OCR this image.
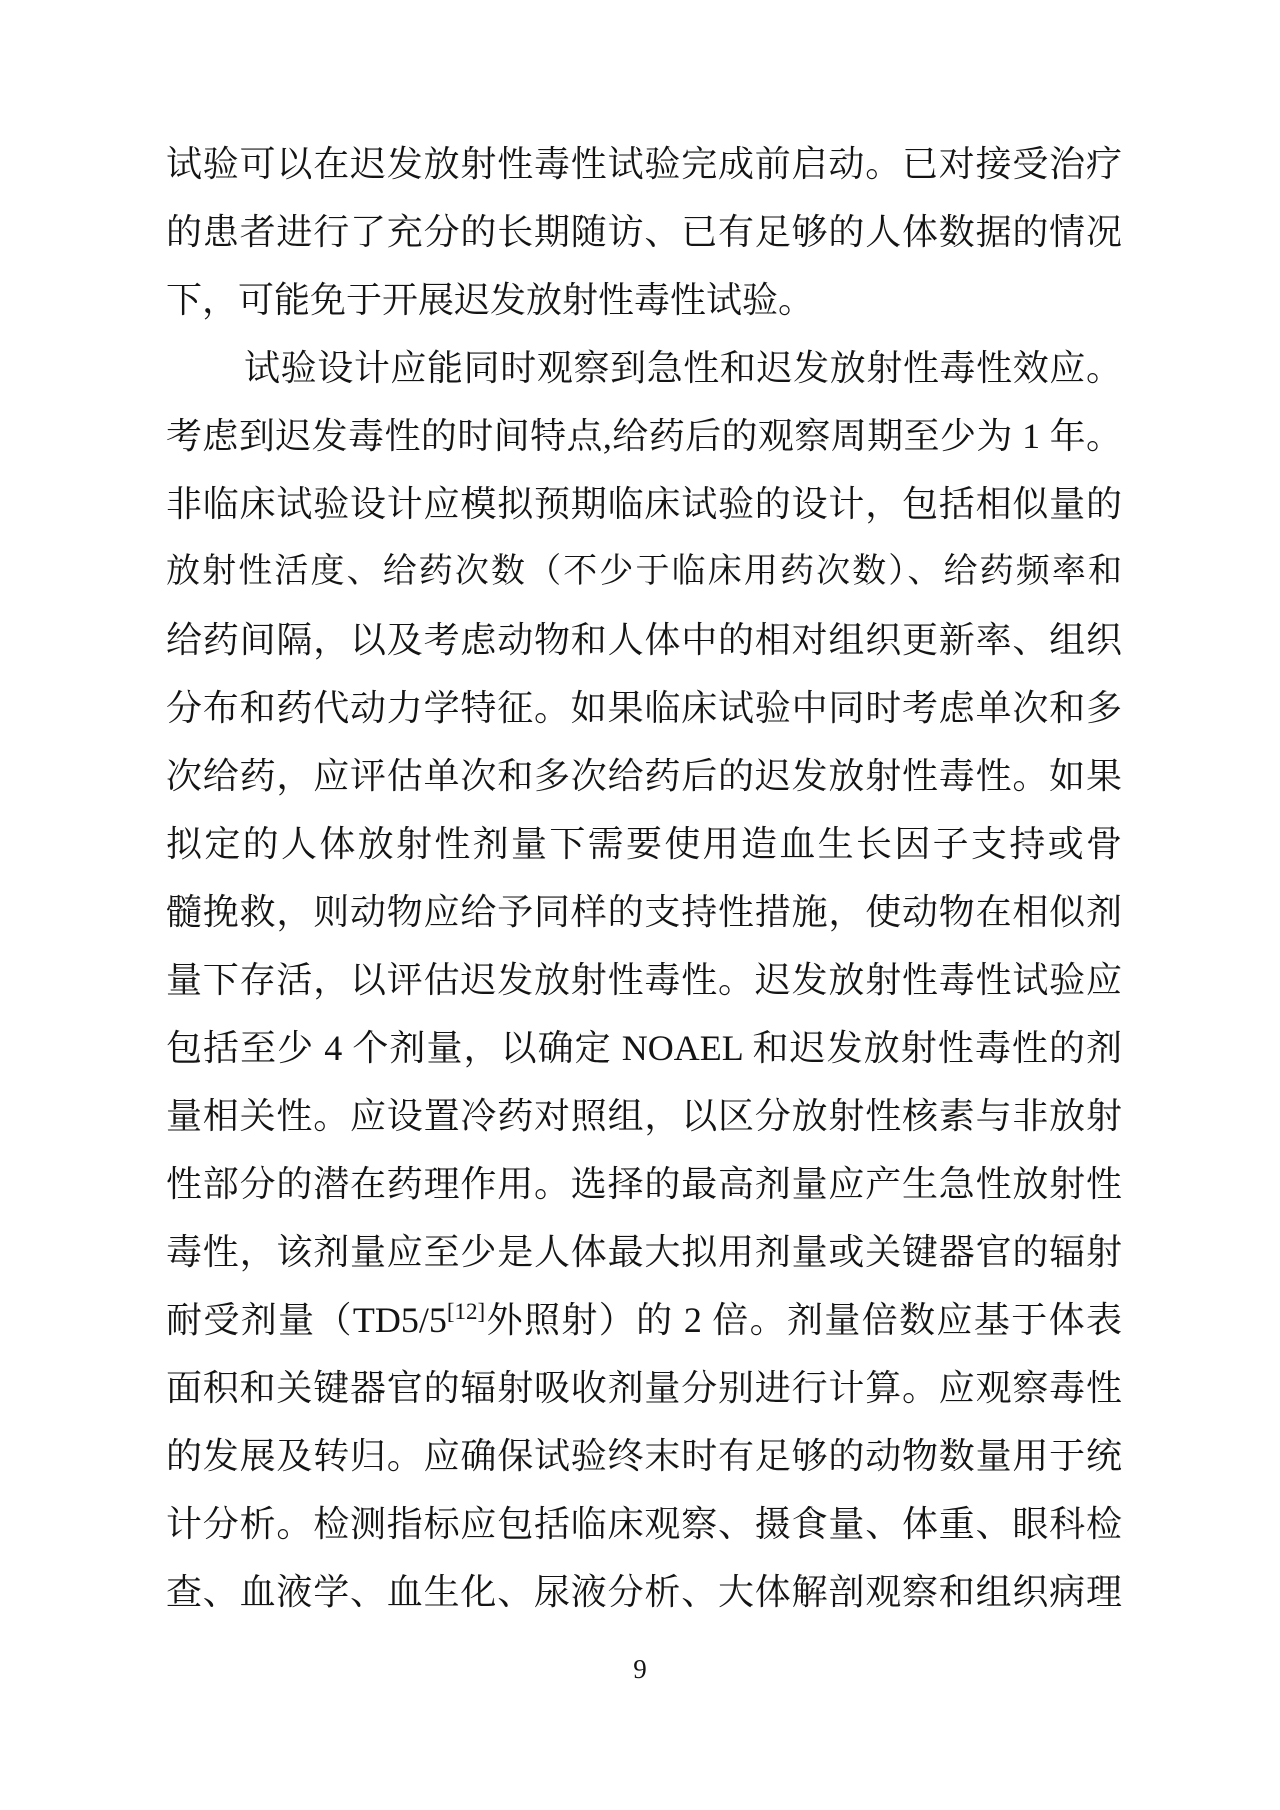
试验可以在迟发放射性毒性试验完成前启动。已对接受治疗
的患者进行了充分的长期随访、已有足够的人体数据的情况
下，可能免于开展迟发放射性毒性试验。
试验设计应能同时观察到急性和迟发放射性毒性效应。
考虑到迟发毒性的时间特点,给药后的观察周期至少为 1 年。
非临床试验设计应模拟预期临床试验的设计，包括相似量的
放射性活度、给药次数（不少于临床用药次数）、给药频率和
给药间隔，以及考虑动物和人体中的相对组织更新率、组织
分布和药代动力学特征。如果临床试验中同时考虑单次和多
次给药，应评估单次和多次给药后的迟发放射性毒性。如果
拟定的人体放射性剂量下需要使用造血生长因子支持或骨
髓挽救，则动物应给予同样的支持性措施，使动物在相似剂
量下存活，以评估迟发放射性毒性。迟发放射性毒性试验应
包括至少 4 个剂量，以确定 NOAEL 和迟发放射性毒性的剂
量相关性。应设置冷药对照组，以区分放射性核素与非放射
性部分的潜在药理作用。选择的最高剂量应产生急性放射性
毒性，该剂量应至少是人体最大拟用剂量或关键器官的辐射
耐受剂量（TD5/5[12]外照射）的 2 倍。剂量倍数应基于体表
面积和关键器官的辐射吸收剂量分别进行计算。应观察毒性
的发展及转归。应确保试验终末时有足够的动物数量用于统
计分析。检测指标应包括临床观察、摄食量、体重、眼科检
查、血液学、血生化、尿液分析、大体解剖观察和组织病理
9
